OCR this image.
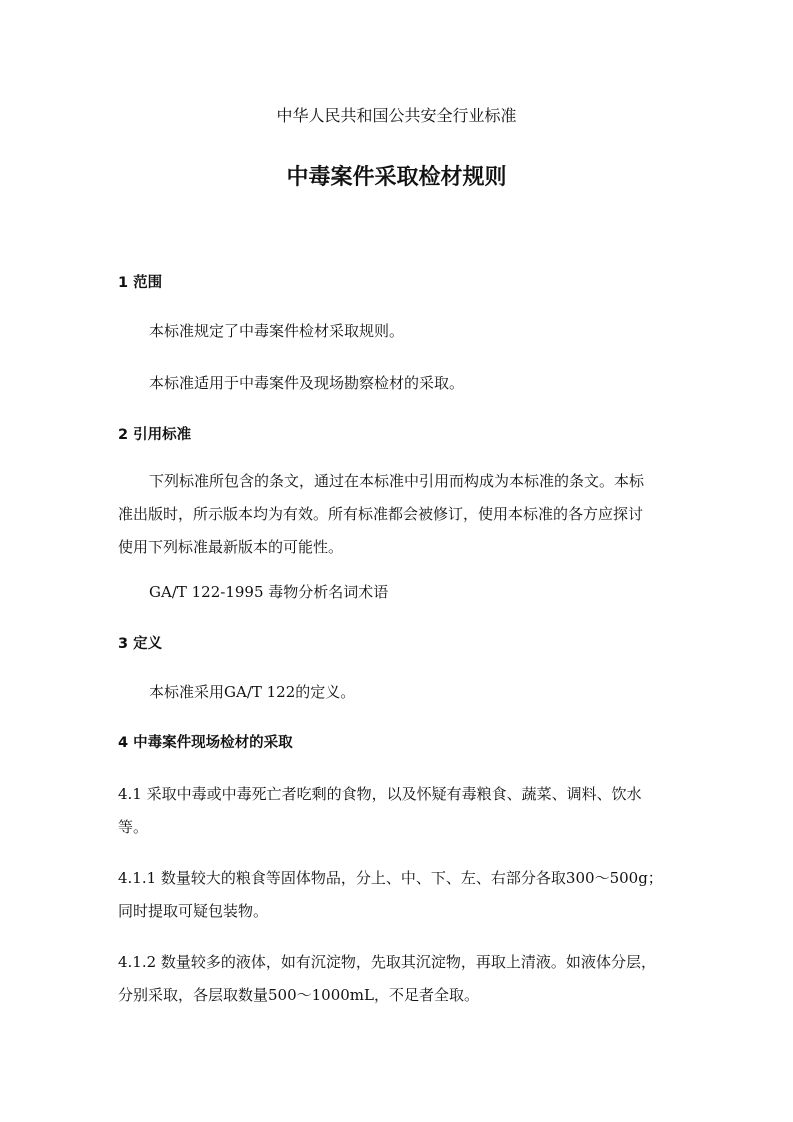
中华人民共和国公共安全行业标准
中毒案件采取检材规则
1 范围
本标准规定了中毒案件检材采取规则。
本标准适用于中毒案件及现场勘察检材的采取。
2 引用标准
下列标准所包含的条文，通过在本标准中引用而构成为本标准的条文。本标
准出版时，所示版本均为有效。所有标准都会被修订，使用本标准的各方应探讨
使用下列标准最新版本的可能性。
GA/T 122-1995 毒物分析名词术语
3 定义
本标准采用GA/T 122的定义。
4 中毒案件现场检材的采取
4.1 采取中毒或中毒死亡者吃剩的食物，以及怀疑有毒粮食、蔬菜、调料、饮水
等。
4.1.1 数量较大的粮食等固体物品，分上、中、下、左、右部分各取300～500g；
同时提取可疑包装物。
4.1.2 数量较多的液体，如有沉淀物，先取其沉淀物，再取上清液。如液体分层，
分别采取，各层取数量500～1000mL，不足者全取。
